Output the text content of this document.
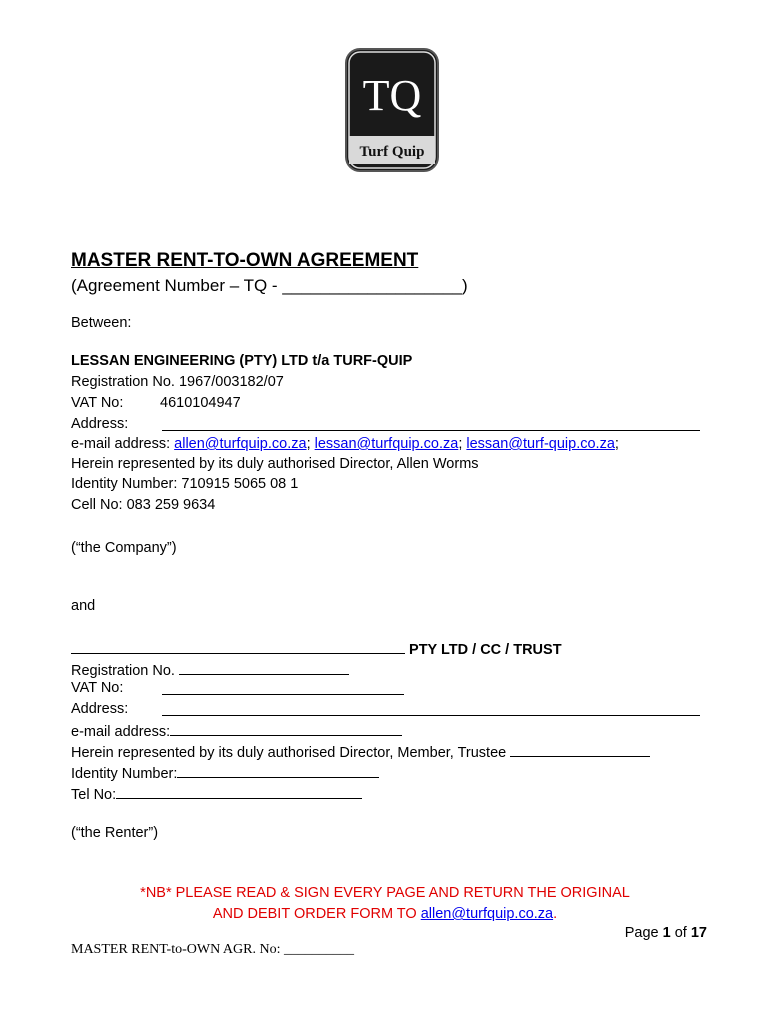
TQ
Turf Quip
MASTER RENT-TO-OWN AGREEMENT
(Agreement Number – TQ - ___________________)
Between:
LESSAN ENGINEERING (PTY) LTD t/a TURF-QUIP
Registration No. 1967/003182/07
VAT No:	4610104947
Address:
e-mail address: allen@turfquip.co.za; lessan@turfquip.co.za; lessan@turf-quip.co.za;
Herein represented by its duly authorised Director, Allen Worms
Identity Number: 710915 5065 08 1
Cell No: 083 259 9634
(“the Company”)
and
PTY LTD / CC / TRUST
Registration No.
VAT No:
Address:
e-mail address:
Herein represented by its duly authorised Director, Member, Trustee
Identity Number:
Tel No:
(“the Renter”)
*NB* PLEASE READ & SIGN EVERY PAGE AND RETURN THE ORIGINAL
AND DEBIT ORDER FORM TO allen@turfquip.co.za.
Page 1 of 17
MASTER RENT-to-OWN AGR. No: __________
